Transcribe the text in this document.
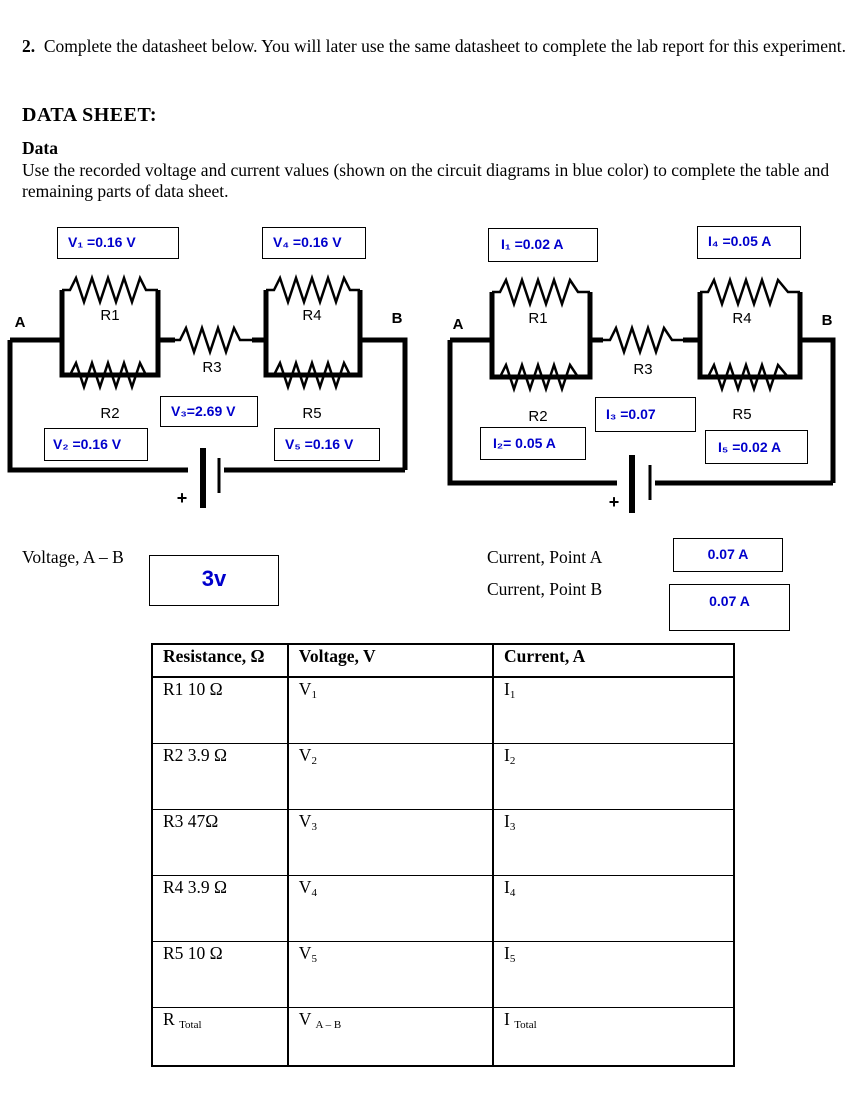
2. Complete the datasheet below. You will later use the same datasheet to complete the lab report for this experiment.
DATA SHEET:
Data
Use the recorded voltage and current values (shown on the circuit diagrams in blue color) to complete the table and remaining parts of data sheet.
A	B
R1
R2
R3
R4
R5
+
A	B
R1
R2
R3
R4
R5
+
V₁ =0.16 V	V₄ =0.16 V
V₃=2.69 V
V₂ =0.16 V	V₅ =0.16 V
I₁ =0.02 A	I₄ =0.05 A
I₃ =0.07
I₂= 0.05 A	I₅ =0.02 A
Voltage, A – B
3v
Current, Point A
Current, Point B
0.07 A
0.07 A
Resistance, Ω	Voltage, V	Current, A
R1 10 Ω	$V_1$	$I_1$
R2 3.9 Ω	$V_2$	$I_2$
R3 47Ω	$V_3$	$I_3$
R4 3.9 Ω	$V_4$	$I_4$
R5 10 Ω	$V_5$	$I_5$
R $_{Total}$	V $_{A - B}$	I $_{Total}$
